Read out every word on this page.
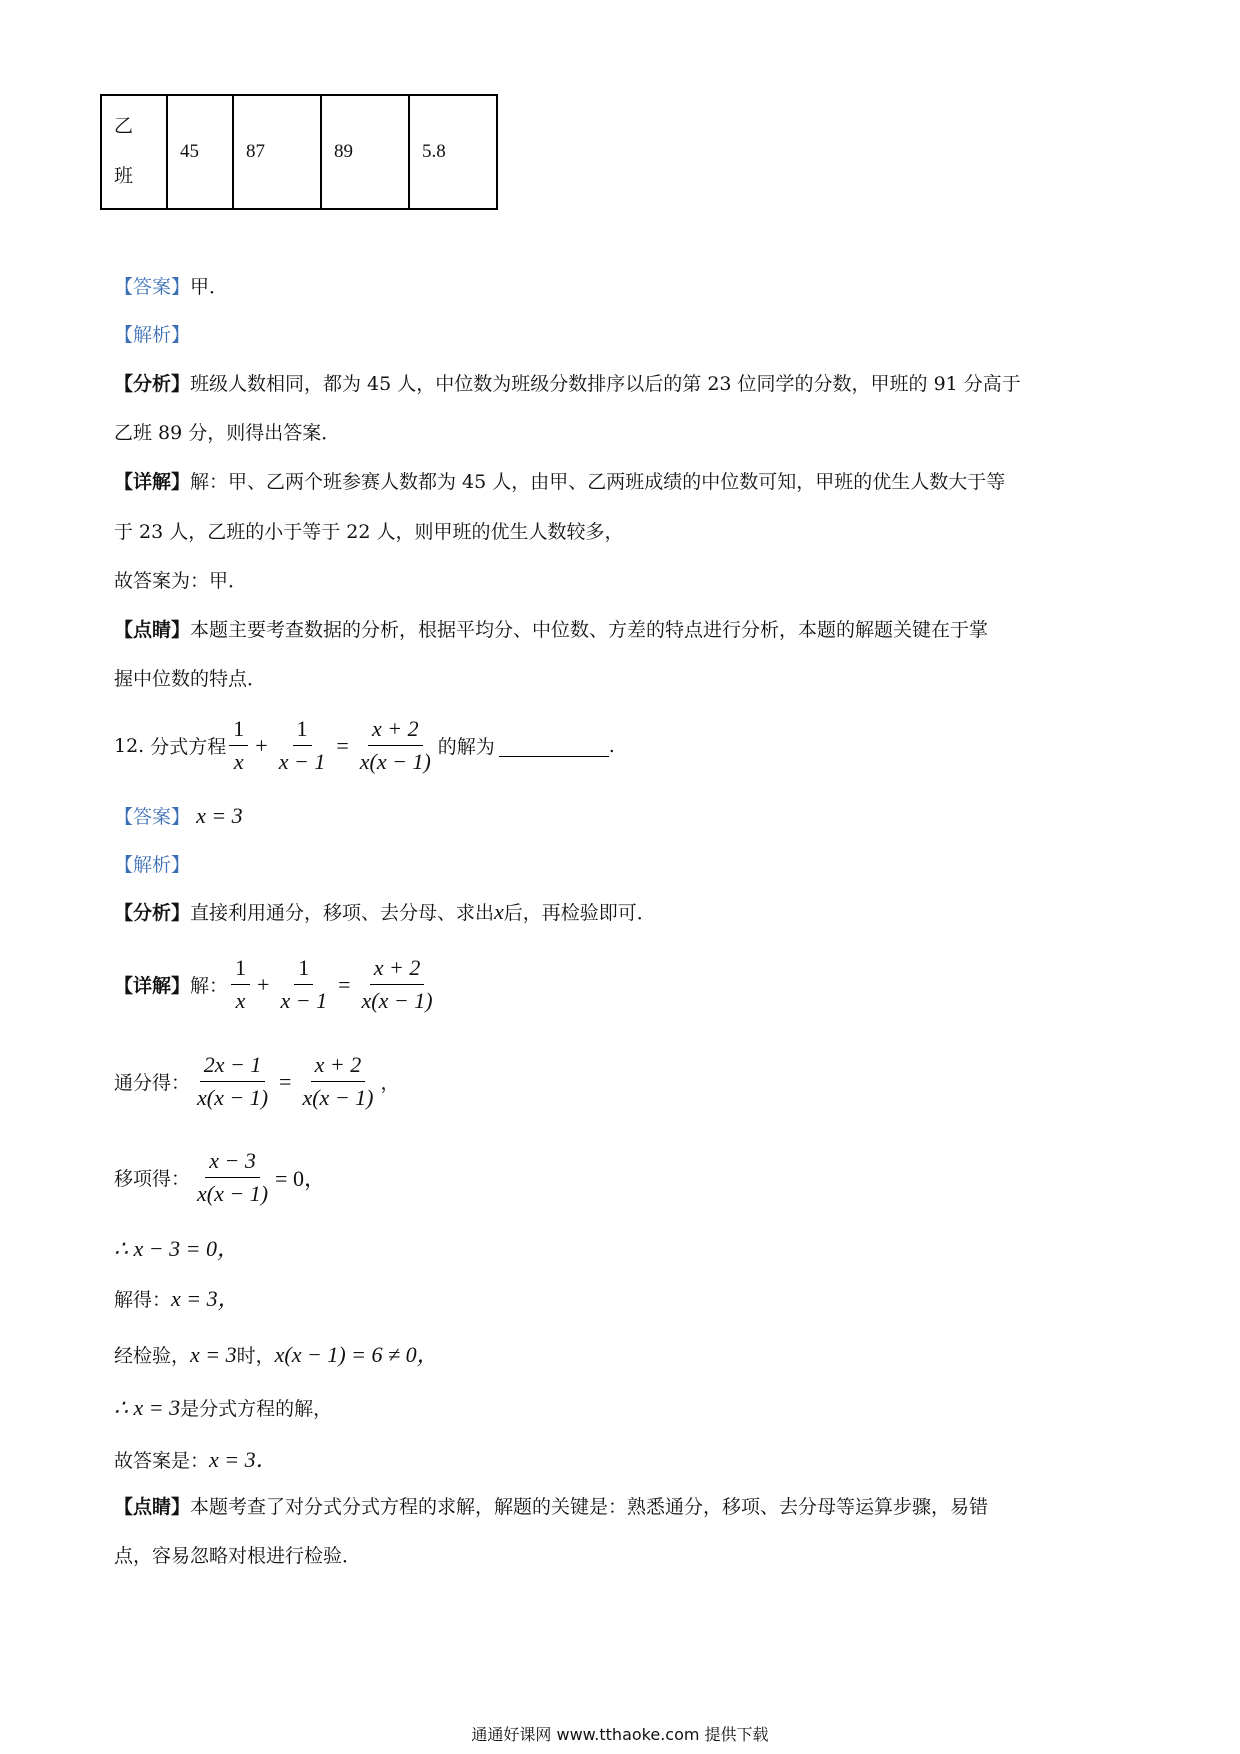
乙
班	45	87	89	5.8
【答案】甲．
【解析】
【分析】班级人数相同，都为 45 人，中位数为班级分数排序以后的第 23 位同学的分数，甲班的 91 分高于
乙班 89 分，则得出答案．
【详解】解：甲、乙两个班参赛人数都为 45 人，由甲、乙两班成绩的中位数可知，甲班的优生人数大于等
于 23 人，乙班的小于等于 22 人，则甲班的优生人数较多，
故答案为：甲．
【点睛】本题主要考查数据的分析，根据平均分、中位数、方差的特点进行分析，本题的解题关键在于掌
握中位数的特点．
12.
分式方程 $\frac{1}{x} + \frac{1}{x - 1} = \frac{x + 2}{x(x - 1)}$ 的解为	.
【答案】 x = 3
【解析】
【分析】直接利用通分，移项、去分母、求出x后，再检验即可．
【详解】 解： $\frac{1}{x} + \frac{1}{x - 1} = \frac{x + 2}{x(x - 1)}$
通分得： $\frac{2x - 1}{x(x - 1)} = \frac{x + 2}{x(x - 1)}$ ，
移项得： $\frac{x - 3}{x(x - 1)} = 0$，
∴ x − 3 = 0，
解得：x = 3，
经检验，x = 3时，x(x − 1) = 6 ≠ 0，
∴ x = 3是分式方程的解，
故答案是：x = 3．
【点睛】本题考查了对分式分式方程的求解，解题的关键是：熟悉通分，移项、去分母等运算步骤，易错
点，容易忽略对根进行检验．
通通好课网 www.tthaoke.com 提供下载
